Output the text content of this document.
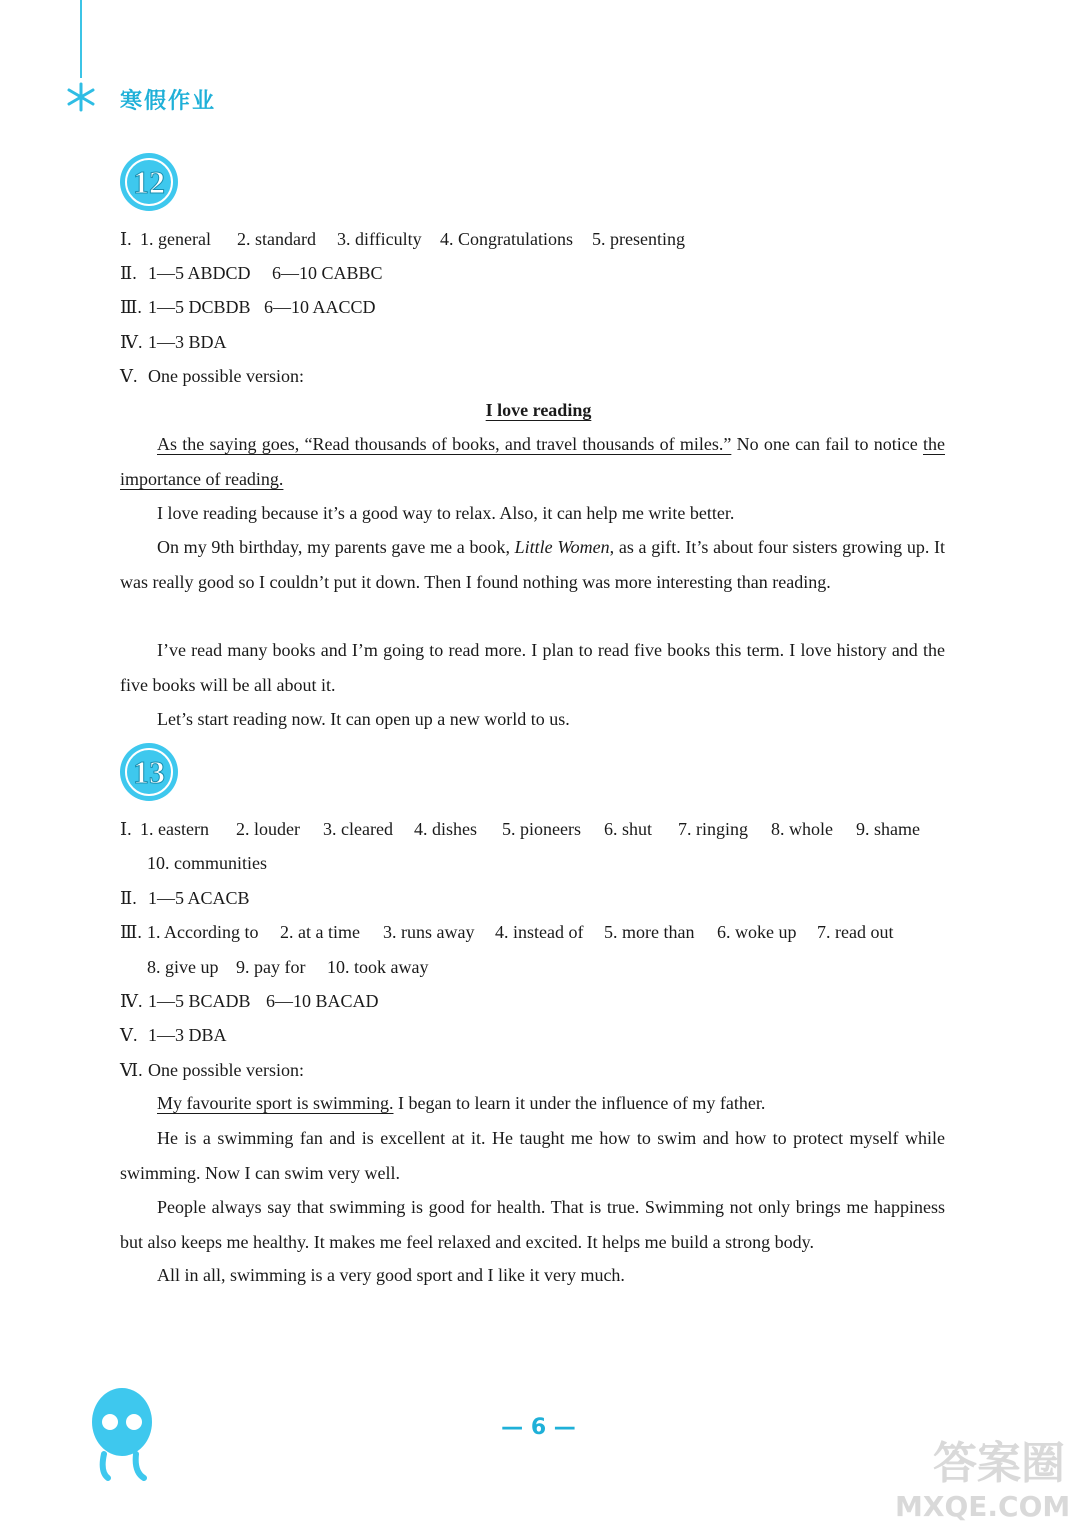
寒假作业
12
Ⅰ. 1. general 2. standard 3. difficulty 4. Congratulations 5. presenting
Ⅱ. 1—5 ABDCD 6—10 CABBC
Ⅲ. 1—5 DCBDB 6—10 AACCD
Ⅳ. 1—3 BDA
Ⅴ. One possible version:
I love reading
As the saying goes, “Read thousands of books, and travel thousands of miles.” No one can fail to notice the importance of reading.
I love reading because it’s a good way to relax. Also, it can help me write better.
On my 9th birthday, my parents gave me a book, Little Women, as a gift. It’s about four sisters growing up. It was really good so I couldn’t put it down. Then I found nothing was more interesting than reading.
I’ve read many books and I’m going to read more. I plan to read five books this term. I love history and the five books will be all about it.
Let’s start reading now. It can open up a new world to us.
13
Ⅰ. 1. eastern 2. louder 3. cleared 4. dishes 5. pioneers 6. shut 7. ringing 8. whole 9. shame
10. communities
Ⅱ. 1—5 ACACB
Ⅲ. 1. According to 2. at a time 3. runs away 4. instead of 5. more than 6. woke up 7. read out
8. give up 9. pay for 10. took away
Ⅳ. 1—5 BCADB 6—10 BACAD
Ⅴ. 1—3 DBA
Ⅵ. One possible version:
My favourite sport is swimming. I began to learn it under the influence of my father.
He is a swimming fan and is excellent at it. He taught me how to swim and how to protect myself while swimming. Now I can swim very well.
People always say that swimming is good for health. That is true. Swimming not only brings me happiness but also keeps me healthy. It makes me feel relaxed and excited. It helps me build a strong body.
All in all, swimming is a very good sport and I like it very much.
— 6 —
答案圈
MXQE.COM
